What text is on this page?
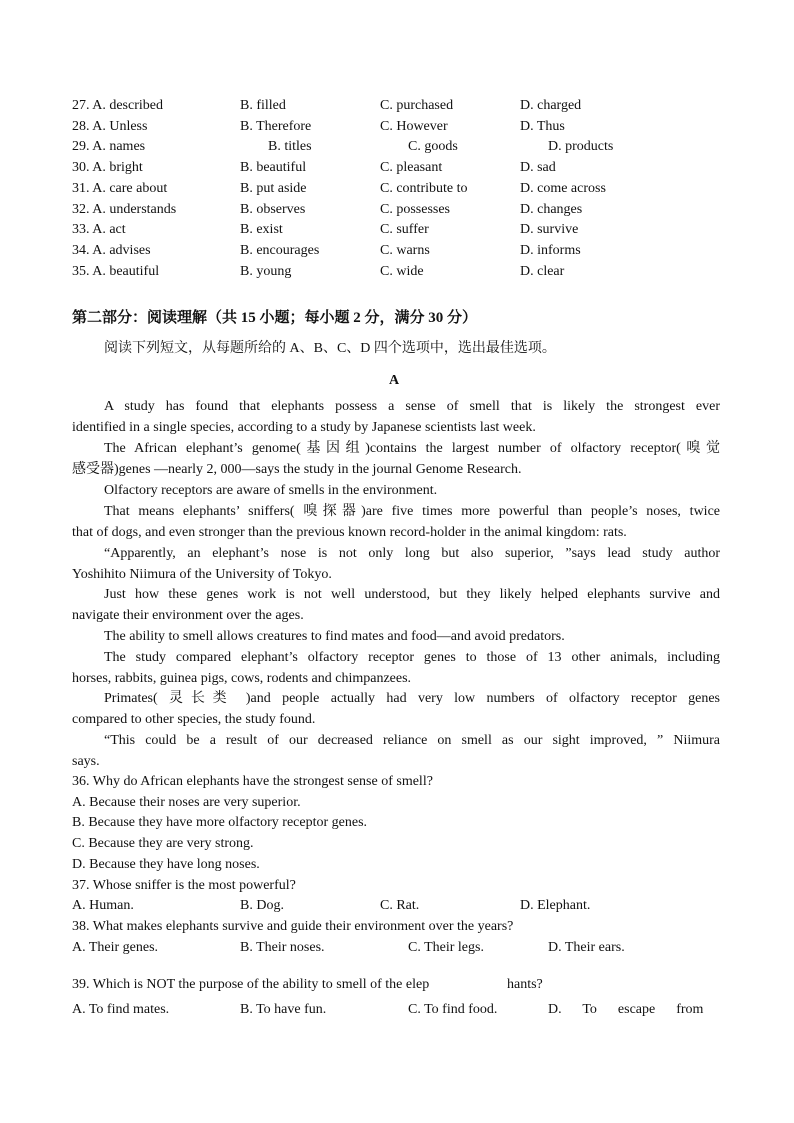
27. A. described	B. filled	C. purchased	D. charged
28. A. Unless	B. Therefore	C. However	D. Thus
29. A. names	B. titles	C. goods	D. products
30. A. bright	B. beautiful	C. pleasant	D. sad
31. A. care about	B. put aside	C. contribute to	D. come across
32. A. understands	B. observes	C. possesses	D. changes
33. A. act	B. exist	C. suffer	D. survive
34. A. advises	B. encourages	C. warns	D. informs
35. A. beautiful	B. young	C. wide	D. clear
第二部分：阅读理解（共 15 小题；每小题 2 分，满分 30 分）
阅读下列短文，从每题所给的 A、B、C、D 四个选项中，选出最佳选项。
A
A study has found that elephants possess a sense of smell that is likely the strongest ever
identified in a single species, according to a study by Japanese scientists last week.
The African elephant’s genome(基因组)contains the largest number of olfactory receptor(嗅觉
感受器)genes —nearly 2, 000—says the study in the journal Genome Research.
Olfactory receptors are aware of smells in the environment.
That means elephants’ sniffers( 嗅探器)are five times more powerful than people’s noses, twice
that of dogs, and even stronger than the previous known record-holder in the animal kingdom: rats.
“Apparently, an elephant’s nose is not only long but also superior, ”says lead study author
Yoshihito Niimura of the University of Tokyo.
Just how these genes work is not well understood, but they likely helped elephants survive and
navigate their environment over the ages.
The ability to smell allows creatures to find mates and food—and avoid predators.
The study compared elephant’s olfactory receptor genes to those of 13 other animals, including
horses, rabbits, guinea pigs, cows, rodents and chimpanzees.
Primates( 灵长类 )and people actually had very low numbers of olfactory receptor genes
compared to other species, the study found.
“This could be a result of our decreased reliance on smell as our sight improved, ” Niimura
says.
36. Why do African elephants have the strongest sense of smell?
A. Because their noses are very superior.
B. Because they have more olfactory receptor genes.
C. Because they are very strong.
D. Because they have long noses.
37. Whose sniffer is the most powerful?
A. Human.	B. Dog.	C. Rat.	D. Elephant.
38. What makes elephants survive and guide their environment over the years?
A. Their genes.	B. Their noses.	C. Their legs.	D. Their ears.
39. Which is NOT the purpose of the ability to smell of the elep	hants?
A. To find mates.	B. To have fun.	C. To find food.	D.      To      escape      from
